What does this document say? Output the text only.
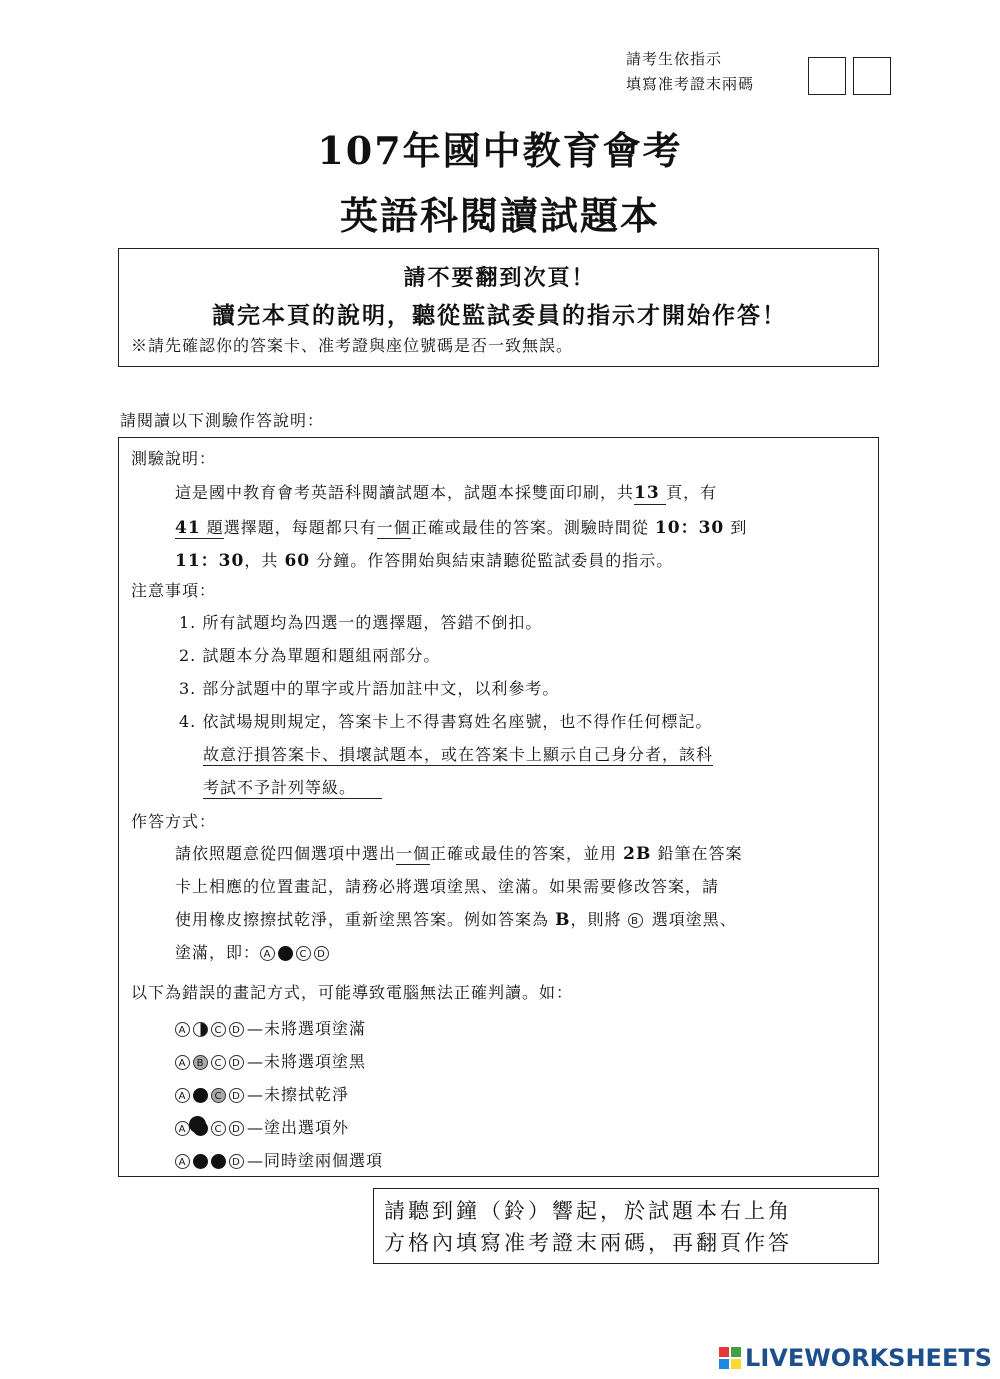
請考生依指示
填寫准考證末兩碼
107年國中教育會考
英語科閱讀試題本
請不要翻到次頁！
讀完本頁的說明，聽從監試委員的指示才開始作答！
※請先確認你的答案卡、准考證與座位號碼是否一致無誤。
請閱讀以下測驗作答說明：
測驗說明：
這是國中教育會考英語科閱讀試題本，試題本採雙面印刷，共13 頁，有
41 題選擇題，每題都只有一個正確或最佳的答案。測驗時間從 10：30 到
11：30，共 60 分鐘。作答開始與結束請聽從監試委員的指示。
注意事項：
1. 所有試題均為四選一的選擇題，答錯不倒扣。
2. 試題本分為單題和題組兩部分。
3. 部分試題中的單字或片語加註中文，以利參考。
4. 依試場規則規定，答案卡上不得書寫姓名座號，也不得作任何標記。
故意汙損答案卡、損壞試題本，或在答案卡上顯示自己身分者，該科
考試不予計列等級。　　
作答方式：
請依照題意從四個選項中選出一個正確或最佳的答案，並用 2B 鉛筆在答案
卡上相應的位置畫記，請務必將選項塗黑、塗滿。如果需要修改答案，請
使用橡皮擦擦拭乾淨，重新塗黑答案。例如答案為 B，則將 B 選項塗黑、
塗滿，即： A	C D
以下為錯誤的畫記方式，可能導致電腦無法正確判讀。如：
A	C D —未將選項塗滿
A B C D —未將選項塗黑
A	C D —未擦拭乾淨
A	C D —塗出選項外
A	D —同時塗兩個選項
請聽到鐘（鈴）響起，於試題本右上角
方格內填寫准考證末兩碼，再翻頁作答
LIVEWORKSHEETS
